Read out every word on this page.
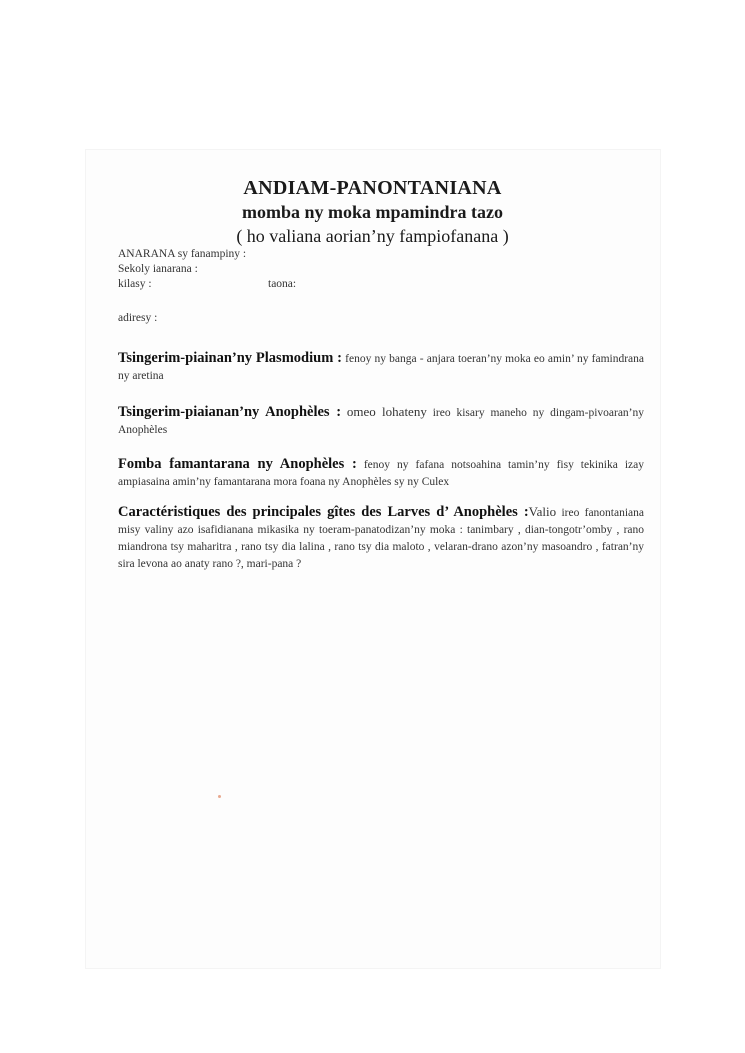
ANDIAM-PANONTANIANA
momba ny moka mpamindra tazo
( ho valiana aorian’ny fampiofanana )
ANARANA sy fanampiny :
Sekoly ianarana :
kilasy :	taona:
adiresy :
Tsingerim-piainan’ny Plasmodium : fenoy ny banga - anjara toeran’ny moka eo amin’ ny famindrana ny aretina
Tsingerim-piaianan’ny Anophèles : omeo lohateny ireo kisary maneho ny dingam-pivoaran’ny Anophèles
Fomba famantarana ny Anophèles : fenoy ny fafana notsoahina tamin’ny fisy tekinika izay ampiasaina amin’ny famantarana mora foana ny Anophèles sy ny Culex
Caractéristiques des principales gîtes des Larves d’ Anophèles :Valio ireo fanontaniana misy valiny azo isafidianana mikasika ny toeram-panatodizan’ny moka : tanimbary , dian-tongotr’omby , rano miandrona tsy maharitra , rano tsy dia lalina , rano tsy dia maloto , velaran-drano azon’ny masoandro , fatran’ny sira levona ao anaty rano ?, mari-pana ?
